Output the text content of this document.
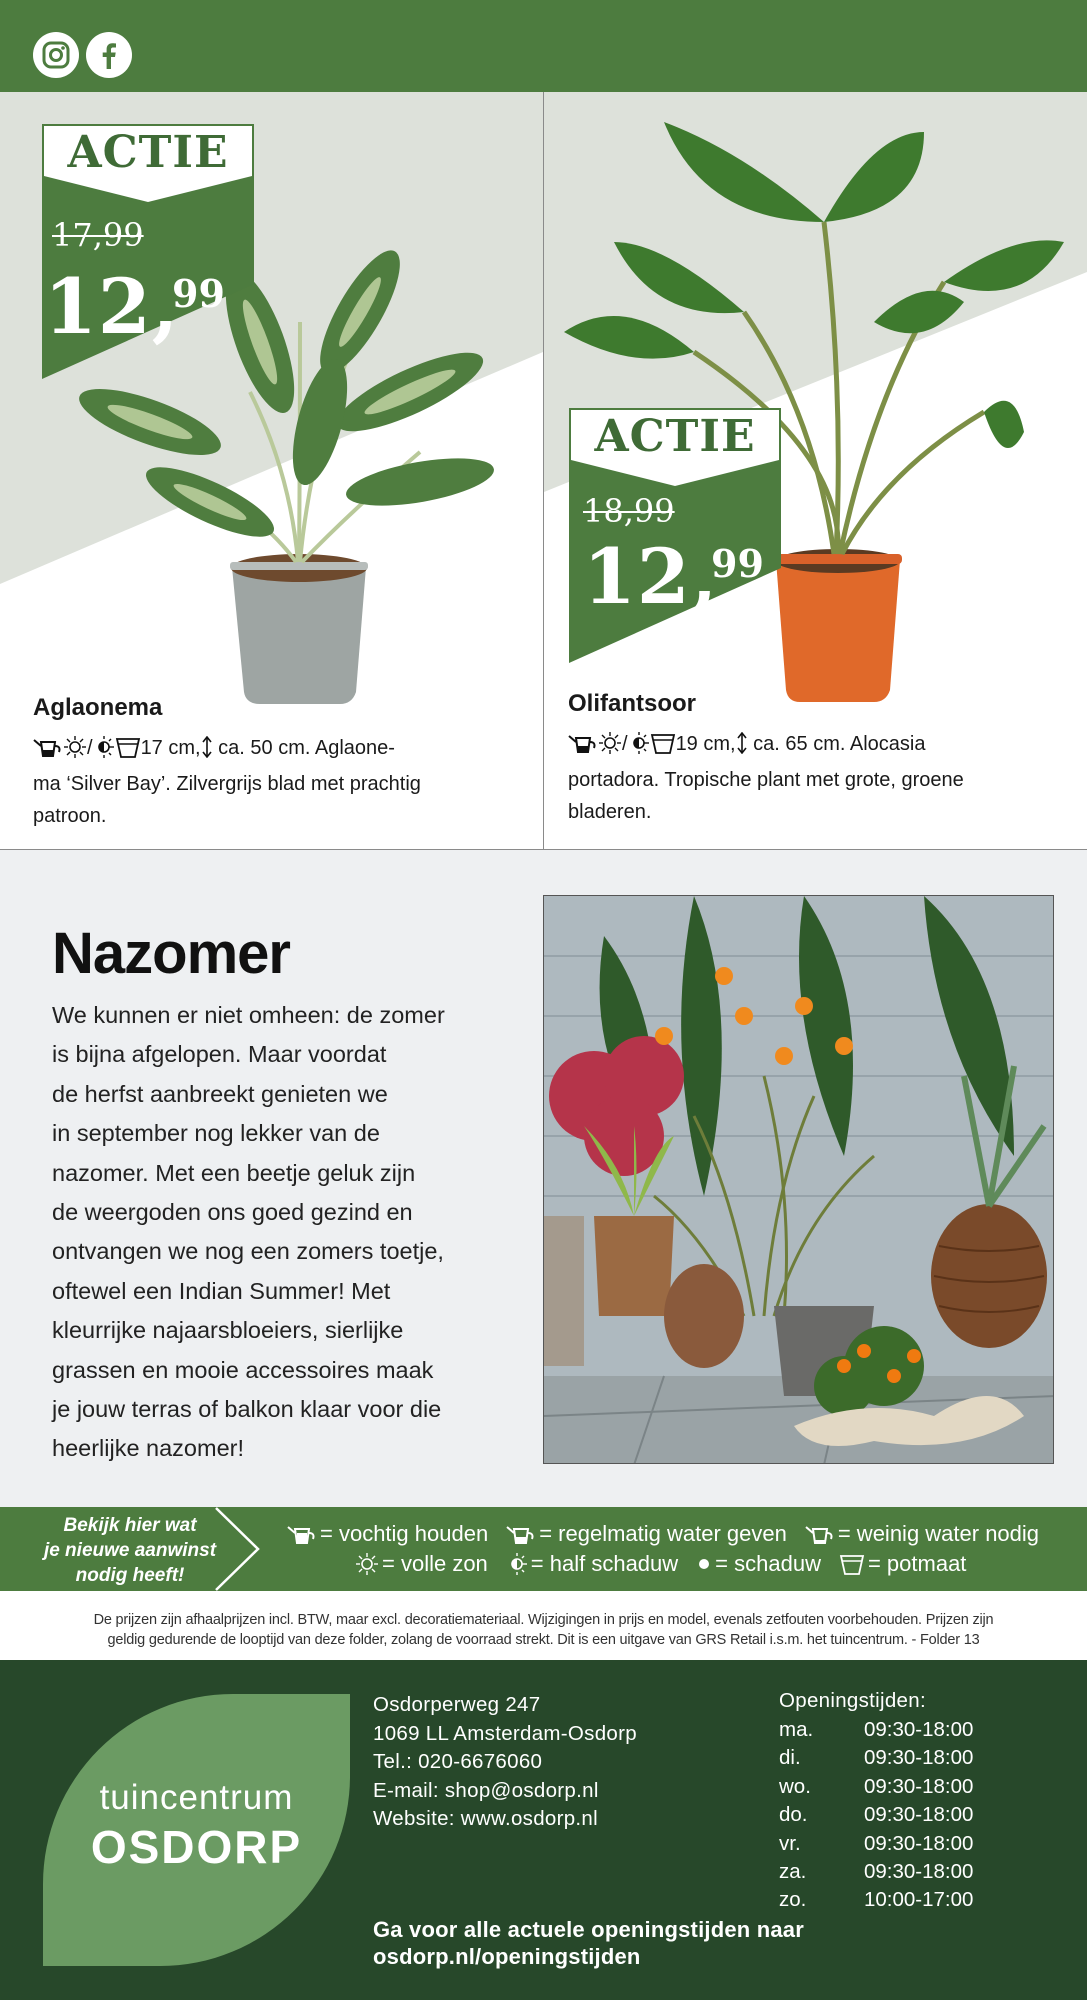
ACTIE
17,99
12,
99
Aglaonema
/ 17 cm, ca. 50 cm. Aglaone-
ma ‘Silver Bay’. Zilvergrijs blad met prachtig
patroon.
ACTIE
18,99
12,
99
Olifantsoor
/ 19 cm, ca. 65 cm. Alocasia
portadora. Tropische plant met grote, groene
bladeren.
Nazomer
We kunnen er niet omheen: de zomer
is bijna afgelopen. Maar voordat
de herfst aanbreekt genieten we
in september nog lekker van de
nazomer. Met een beetje geluk zijn
de weergoden ons goed gezind en
ontvangen we nog een zomers toetje,
oftewel een Indian Summer! Met
kleurrijke najaarsbloeiers, sierlijke
grassen en mooie accessoires maak
je jouw terras of balkon klaar voor die
heerlijke nazomer!
Bekijk hier wat
je nieuwe aanwinst
nodig heeft!
= vochtig houden = regelmatig water geven = weinig water nodig
= volle zon = half schaduw = schaduw = potmaat
De prijzen zijn afhaalprijzen incl. BTW, maar excl. decoratiemateriaal. Wijzigingen in prijs en model, evenals zetfouten voorbehouden. Prijzen zijn
geldig gedurende de looptijd van deze folder, zolang de voorraad strekt. Dit is een uitgave van GRS Retail i.s.m. het tuincentrum. - Folder 13
tuincentrum
OSDORP
Osdorperweg 247
1069 LL Amsterdam-Osdorp
Tel.: 020-6676060
E-mail: shop@osdorp.nl
Website: www.osdorp.nl
Openingstijden:
ma.	09:30-18:00
di.	09:30-18:00
wo.	09:30-18:00
do.	09:30-18:00
vr.	09:30-18:00
za.	09:30-18:00
zo.	10:00-17:00
Ga voor alle actuele openingstijden naar
osdorp.nl/openingstijden
